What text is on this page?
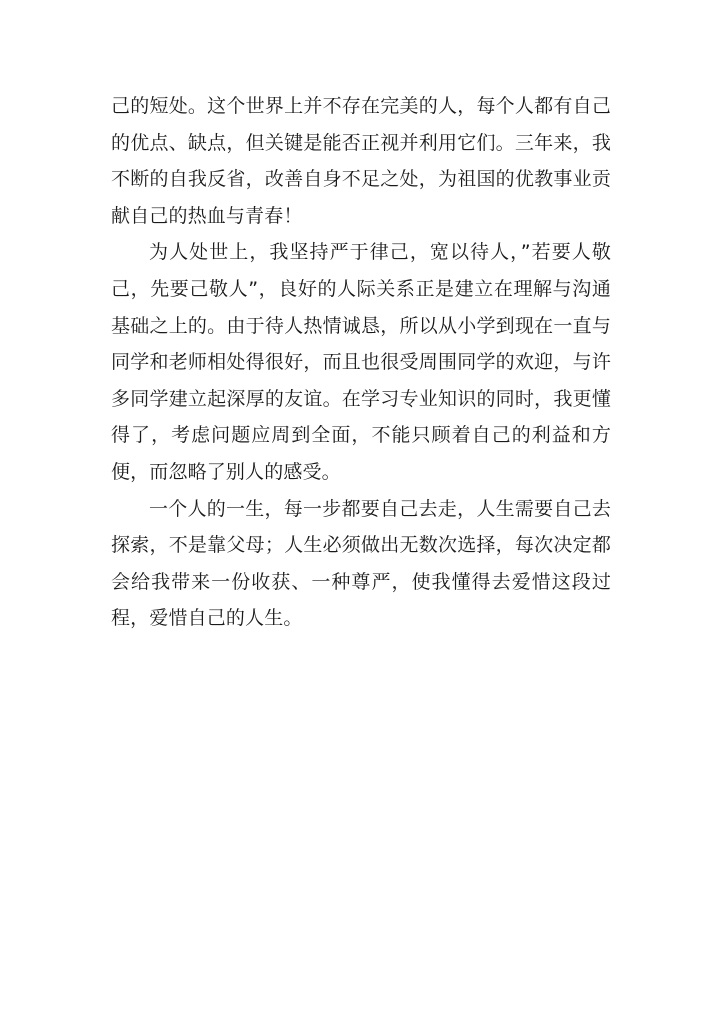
己的短处。这个世界上并不存在完美的人，每个人都有自己的优点、缺点，但关键是能否正视并利用它们。三年来，我不断的自我反省，改善自身不足之处，为祖国的优教事业贡献自己的热血与青春！

为人处世上，我坚持严于律己，宽以待人，”若要人敬己，先要己敬人”，良好的人际关系正是建立在理解与沟通基础之上的。由于待人热情诚恳，所以从小学到现在一直与同学和老师相处得很好，而且也很受周围同学的欢迎，与许多同学建立起深厚的友谊。在学习专业知识的同时，我更懂得了，考虑问题应周到全面，不能只顾着自己的利益和方便，而忽略了别人的感受。

一个人的一生，每一步都要自己去走，人生需要自己去探索，不是靠父母；人生必须做出无数次选择，每次决定都会给我带来一份收获、一种尊严，使我懂得去爱惜这段过程，爱惜自己的人生。
